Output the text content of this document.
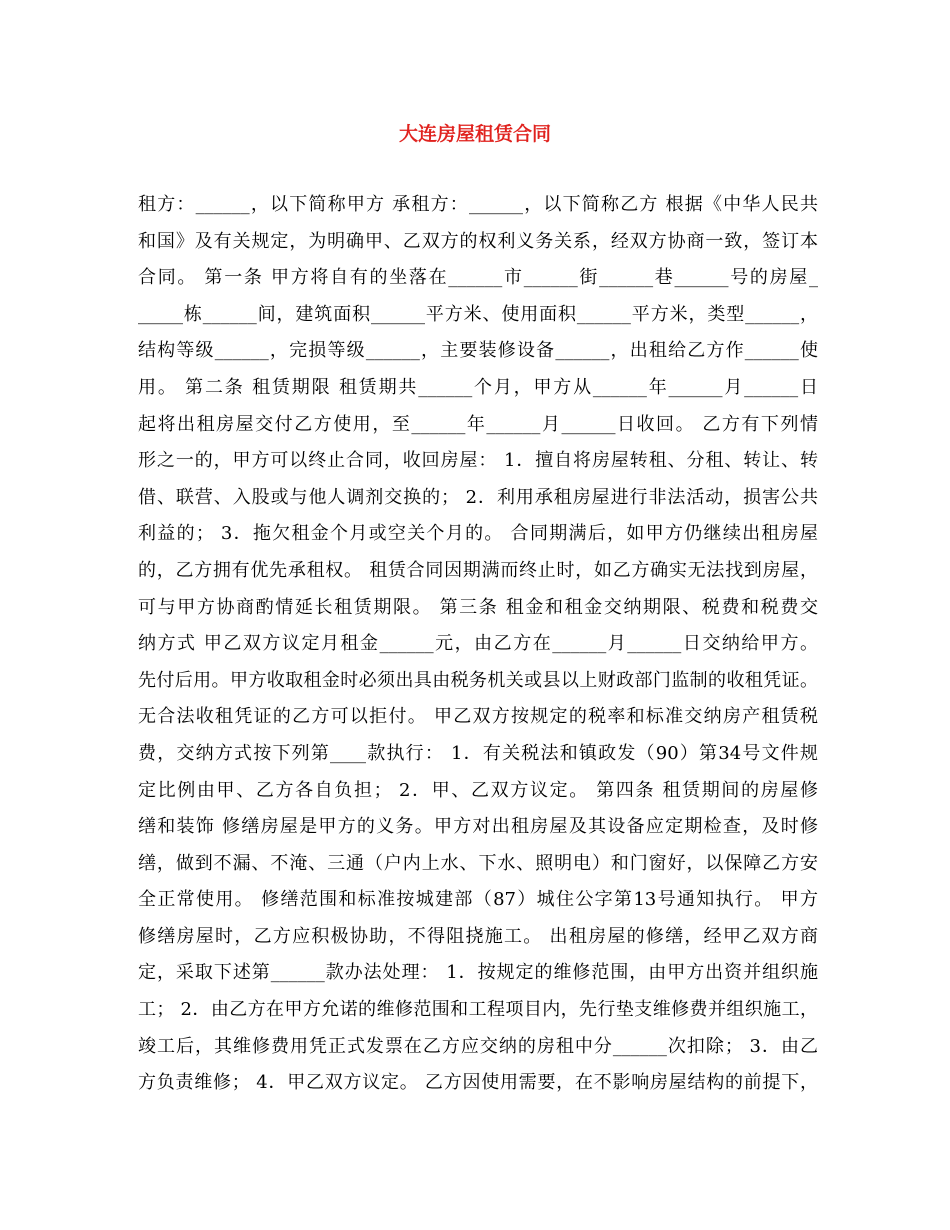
大连房屋租赁合同
租方：______，以下简称甲方 承租方：______，以下简称乙方 根据《中华人民共
和国》及有关规定，为明确甲、乙双方的权利义务关系，经双方协商一致，签订本
合同。 第一条 甲方将自有的坐落在______市______街______巷______号的房屋_
_____栋______间，建筑面积______平方米、使用面积______平方米，类型______，
结构等级______，完损等级______，主要装修设备______，出租给乙方作______使
用。 第二条 租赁期限 租赁期共______个月，甲方从______年______月______日
起将出租房屋交付乙方使用，至______年______月______日收回。 乙方有下列情
形之一的，甲方可以终止合同，收回房屋： 1．擅自将房屋转租、分租、转让、转
借、联营、入股或与他人调剂交换的； 2．利用承租房屋进行非法活动，损害公共
利益的； 3．拖欠租金个月或空关个月的。 合同期满后，如甲方仍继续出租房屋
的，乙方拥有优先承租权。 租赁合同因期满而终止时，如乙方确实无法找到房屋，
可与甲方协商酌情延长租赁期限。 第三条 租金和租金交纳期限、税费和税费交
纳方式 甲乙双方议定月租金______元，由乙方在______月______日交纳给甲方。
先付后用。甲方收取租金时必须出具由税务机关或县以上财政部门监制的收租凭证。
无合法收租凭证的乙方可以拒付。 甲乙双方按规定的税率和标准交纳房产租赁税
费，交纳方式按下列第____款执行： 1．有关税法和镇政发（90）第34号文件规
定比例由甲、乙方各自负担； 2．甲、乙双方议定。 第四条 租赁期间的房屋修
缮和装饰 修缮房屋是甲方的义务。甲方对出租房屋及其设备应定期检查，及时修
缮，做到不漏、不淹、三通（户内上水、下水、照明电）和门窗好，以保障乙方安
全正常使用。 修缮范围和标准按城建部（87）城住公字第13号通知执行。 甲方
修缮房屋时，乙方应积极协助，不得阻挠施工。 出租房屋的修缮，经甲乙双方商
定，采取下述第______款办法处理： 1．按规定的维修范围，由甲方出资并组织施
工； 2．由乙方在甲方允诺的维修范围和工程项目内，先行垫支维修费并组织施工，
竣工后，其维修费用凭正式发票在乙方应交纳的房租中分______次扣除； 3．由乙
方负责维修； 4．甲乙双方议定。 乙方因使用需要，在不影响房屋结构的前提下，
